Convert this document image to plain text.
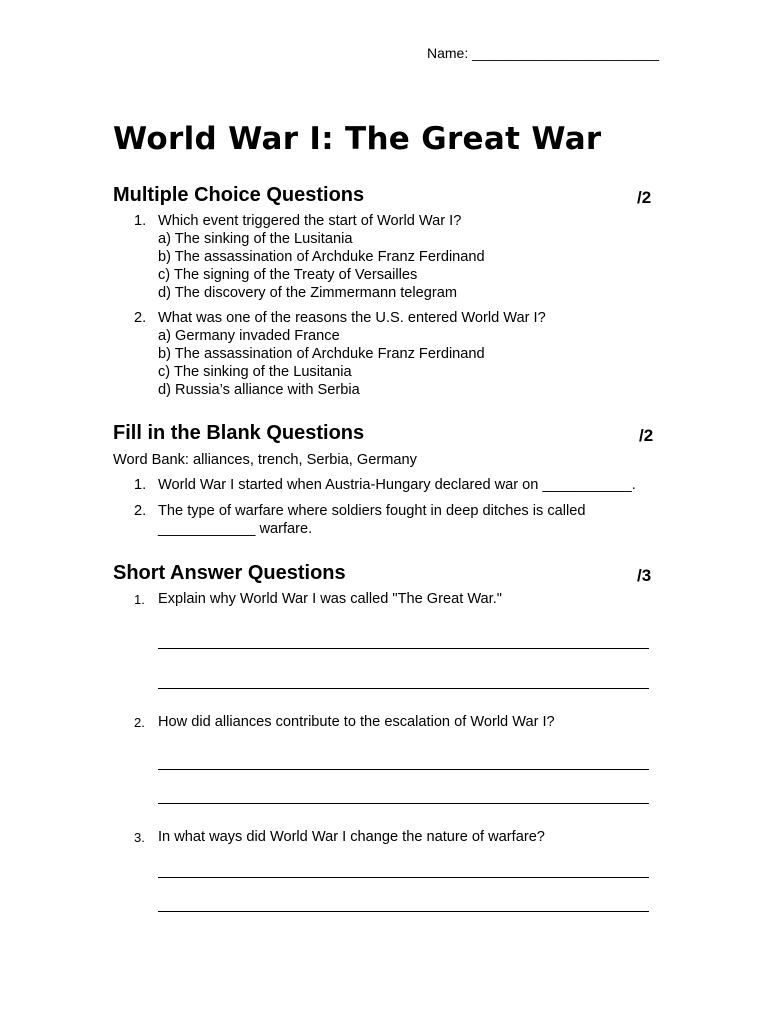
Name: ________________________
World War I: The Great War
Multiple Choice Questions	/2
1. Which event triggered the start of World War I?
a) The sinking of the Lusitania
b) The assassination of Archduke Franz Ferdinand
c) The signing of the Treaty of Versailles
d) The discovery of the Zimmermann telegram
2. What was one of the reasons the U.S. entered World War I?
a) Germany invaded France
b) The assassination of Archduke Franz Ferdinand
c) The sinking of the Lusitania
d) Russia’s alliance with Serbia
Fill in the Blank Questions	/2
Word Bank: alliances, trench, Serbia, Germany
1. World War I started when Austria-Hungary declared war on ___________.
2. The type of warfare where soldiers fought in deep ditches is called
____________ warfare.
Short Answer Questions	/3
1. Explain why World War I was called "The Great War."
2. How did alliances contribute to the escalation of World War I?
3. In what ways did World War I change the nature of warfare?
